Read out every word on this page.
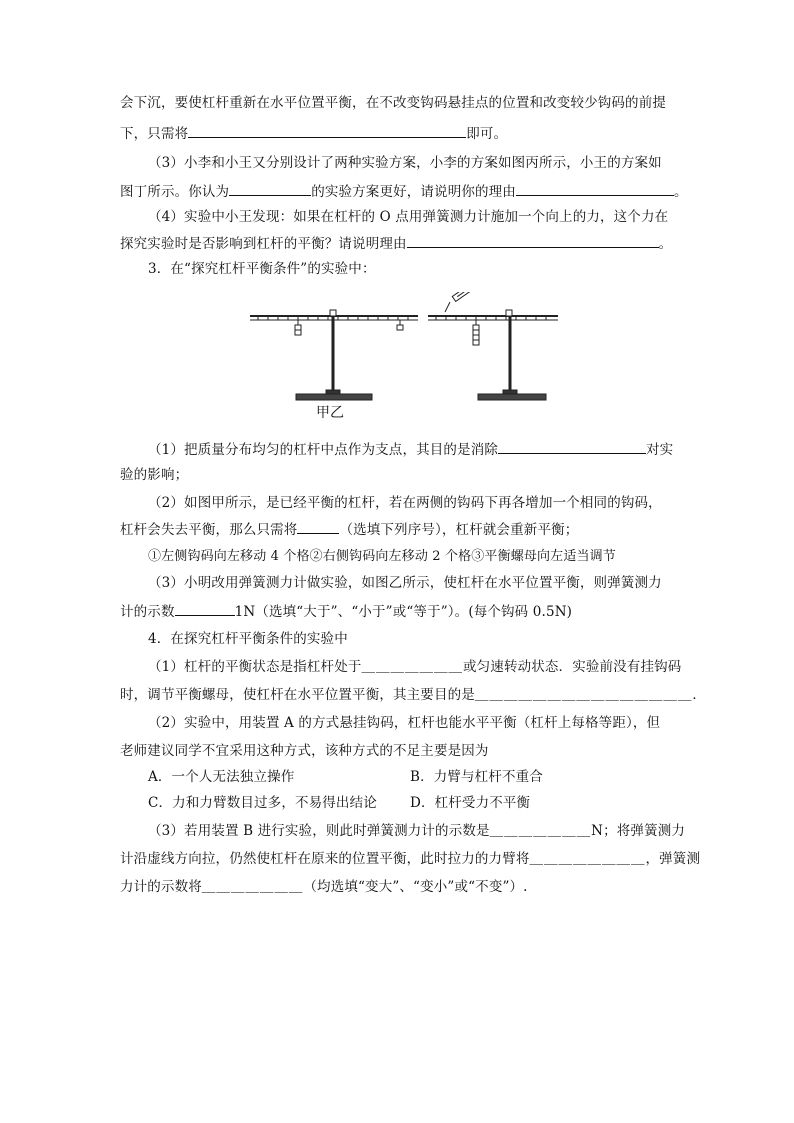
会下沉，要使杠杆重新在水平位置平衡，在不改变钩码悬挂点的位置和改变较少钩码的前提
下，只需将	即可。
（3）小李和小王又分别设计了两种实验方案，小李的方案如图丙所示，小王的方案如
图丁所示。你认为	的实验方案更好，请说明你的理由	。
（4）实验中小王发现：如果在杠杆的 O 点用弹簧测力计施加一个向上的力，这个力在
探究实验时是否影响到杠杆的平衡？请说明理由	。
3．在“探究杠杆平衡条件”的实验中：
甲乙
（1）把质量分布均匀的杠杆中点作为支点，其目的是消除	对实
验的影响；
（2）如图甲所示，是已经平衡的杠杆，若在两侧的钩码下再各增加一个相同的钩码，
杠杆会失去平衡，那么只需将	（选填下列序号），杠杆就会重新平衡；
①左侧钩码向左移动 4 个格②右侧钩码向左移动 2 个格③平衡螺母向左适当调节
（3）小明改用弹簧测力计做实验，如图乙所示，使杠杆在水平位置平衡，则弹簧测力
计的示数	1N（选填“大于”、“小于”或“等于”）。(每个钩码 0.5N)
4．在探究杠杆平衡条件的实验中
（1）杠杆的平衡状态是指杠杆处于＿＿＿＿＿＿＿或匀速转动状态．实验前没有挂钩码
时，调节平衡螺母，使杠杆在水平位置平衡，其主要目的是＿＿＿＿＿＿＿＿＿＿＿＿＿＿＿．
（2）实验中，用装置 A 的方式悬挂钩码，杠杆也能水平平衡（杠杆上每格等距），但
老师建议同学不宜采用这种方式，该种方式的不足主要是因为
A．一个人无法独立操作	B．力臂与杠杆不重合
C．力和力臂数目过多，不易得出结论 D．杠杆受力不平衡
（3）若用装置 B 进行实验，则此时弹簧测力计的示数是＿＿＿＿＿＿＿N；将弹簧测力
计沿虚线方向拉，仍然使杠杆在原来的位置平衡，此时拉力的力臂将＿＿＿＿＿＿＿＿，弹簧测
力计的示数将＿＿＿＿＿＿＿（均选填“变大”、“变小”或“不变”）.
